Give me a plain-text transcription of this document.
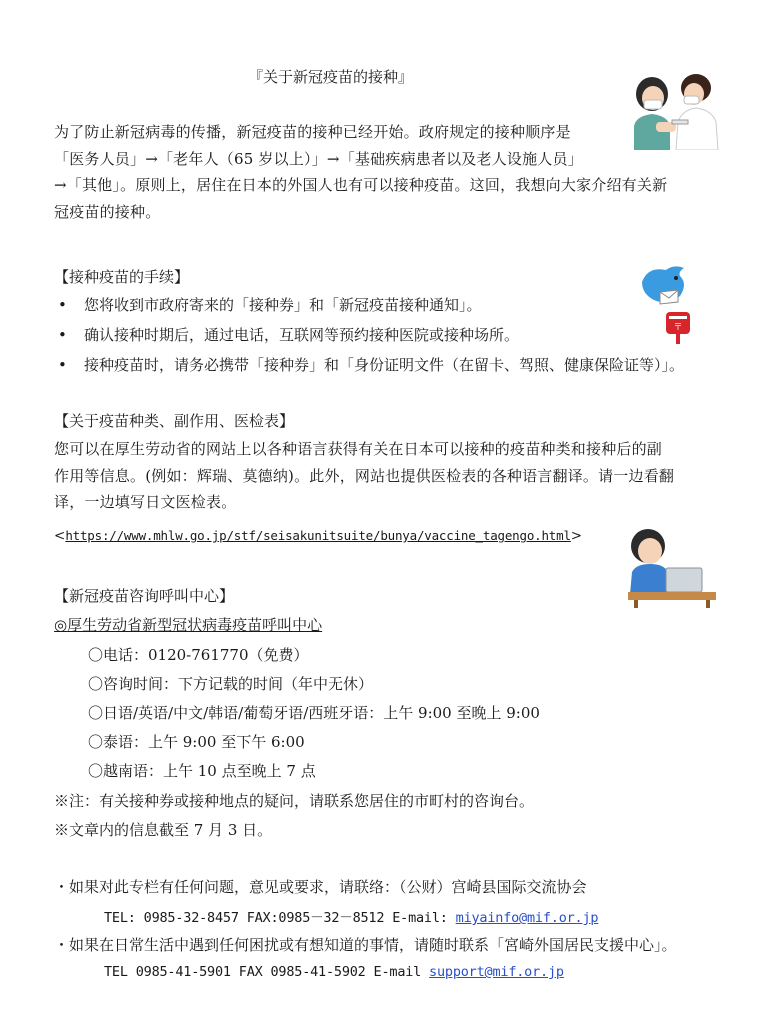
『关于新冠疫苗的接种』
为了防止新冠病毒的传播，新冠疫苗的接种已经开始。政府规定的接种顺序是
「医务人员」→「老年人（65 岁以上）」→「基础疾病患者以及老人设施人员」
→「其他」。原则上，居住在日本的外国人也有可以接种疫苗。这回，我想向大家介绍有关新
冠疫苗的接种。
〒
【接种疫苗的手续】
• 您将收到市政府寄来的「接种券」和「新冠疫苗接种通知」。
• 确认接种时期后，通过电话，互联网等预约接种医院或接种场所。
• 接种疫苗时，请务必携带「接种券」和「身份证明文件（在留卡、驾照、健康保险证等）」。
【关于疫苗种类、副作用、医检表】
您可以在厚生劳动省的网站上以各种语言获得有关在日本可以接种的疫苗种类和接种后的副
作用等信息。(例如：辉瑞、莫德纳)。此外，网站也提供医检表的各种语言翻译。请一边看翻
译，一边填写日文医检表。
<https://www.mhlw.go.jp/stf/seisakunitsuite/bunya/vaccine_tagengo.html>
【新冠疫苗咨询呼叫中心】
◎厚生劳动省新型冠状病毒疫苗呼叫中心
〇电话：0120-761770（免费）
〇咨询时间：下方记载的时间（年中无休）
〇日语/英语/中文/韩语/葡萄牙语/西班牙语：上午 9:00 至晚上 9:00
〇泰语：上午 9:00 至下午 6:00
〇越南语：上午 10 点至晚上 7 点
※注：有关接种券或接种地点的疑问，请联系您居住的市町村的咨询台。
※文章内的信息截至 7 月 3 日。
・如果对此专栏有任何问题，意见或要求，请联络：（公财）宫崎县国际交流协会
TEL: 0985-32-8457 FAX:0985－32－8512 E-mail: miyainfo@mif.or.jp
・如果在日常生活中遇到任何困扰或有想知道的事情，请随时联系「宮崎外国居民支援中心」。
TEL 0985-41-5901 FAX 0985-41-5902 E-mail support@mif.or.jp
